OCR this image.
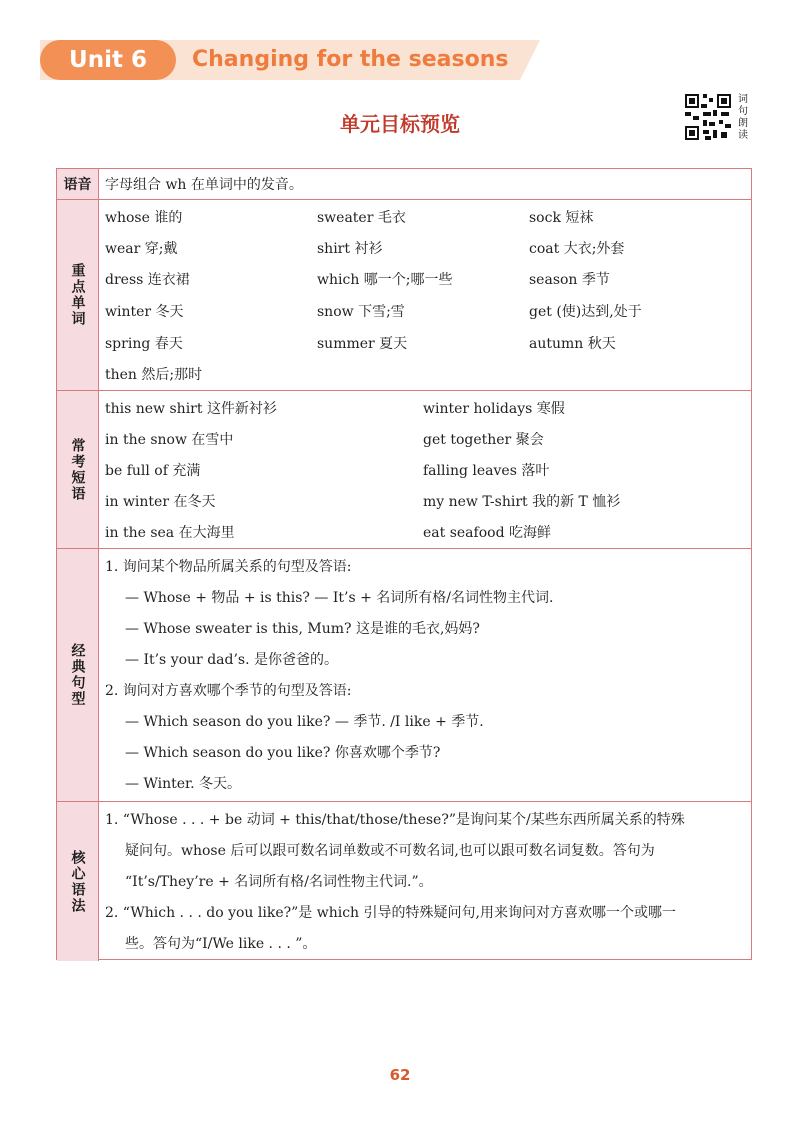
Unit 6	Changing for the seasons
单元目标预览
词句朗读
语音 字母组合 wh 在单词中的发音。
重点单词
whose 谁的	sweater 毛衣	sock 短袜
wear 穿;戴	shirt 衬衫	coat 大衣;外套
dress 连衣裙	which 哪一个;哪一些	season 季节
winter 冬天	snow 下雪;雪	get (使)达到,处于
spring 春天	summer 夏天	autumn 秋天
then 然后;那时
常考短语
this new shirt 这件新衬衫	winter holidays 寒假
in the snow 在雪中	get together 聚会
be full of 充满	falling leaves 落叶
in winter 在冬天	my new T-shirt 我的新 T 恤衫
in the sea 在大海里	eat seafood 吃海鲜
经典句型
1. 询问某个物品所属关系的句型及答语:
— Whose + 物品 + is this? — It’s + 名词所有格/名词性物主代词.
— Whose sweater is this, Mum? 这是谁的毛衣,妈妈?
— It’s your dad’s. 是你爸爸的。
2. 询问对方喜欢哪个季节的句型及答语:
— Which season do you like? — 季节. /I like + 季节.
— Which season do you like? 你喜欢哪个季节?
— Winter. 冬天。
核心语法
1. “Whose . . . + be 动词 + this/that/those/these?”是询问某个/某些东西所属关系的特殊
疑问句。whose 后可以跟可数名词单数或不可数名词,也可以跟可数名词复数。答句为
“It’s/They’re + 名词所有格/名词性物主代词.”。
2. “Which . . . do you like?”是 which 引导的特殊疑问句,用来询问对方喜欢哪一个或哪一
些。答句为“I/We like . . . ”。
62
